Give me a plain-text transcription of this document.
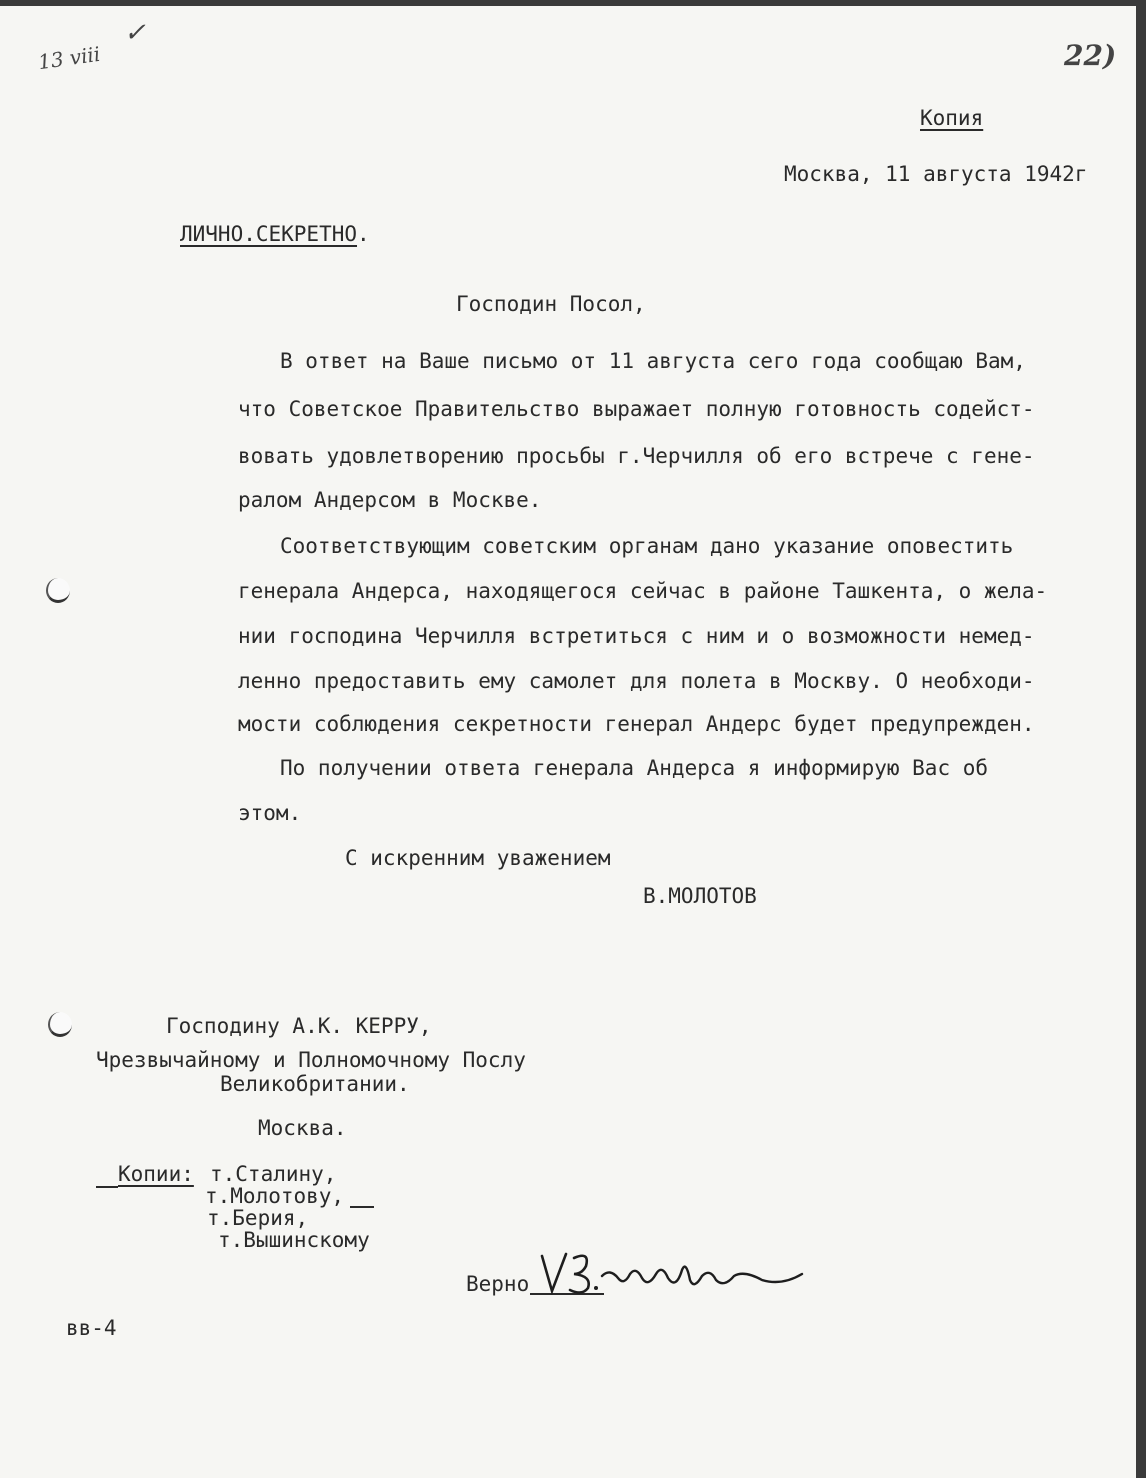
13 viii
✓
22)
Копия
Москва, 11 августа 1942г
ЛИЧНО.СЕКРЕТНО.
Господин Посол,
В ответ на Ваше письмо от 11 августа сего года сообщаю Вам,
что Советское Правительство выражает полную готовность содейст-
вовать удовлетворению просьбы г.Черчилля об его встрече с гене-
ралом Андерсом в Москве.
Соответствующим советским органам дано указание оповестить
генерала Андерса, находящегося сейчас в районе Ташкента, о жела-
нии господина Черчилля встретиться с ним и о возможности немед-
ленно предоставить ему самолет для полета в Москву. О необходи-
мости соблюдения секретности генерал Андерс будет предупрежден.
По получении ответа генерала Андерса я информирую Вас об
этом.
С искренним уважением
В.МОЛОТОВ
Господину А.К. КЕРРУ,
Чрезвычайному и Полномочному Послу
Великобритании.
Москва.
Копии: т.Сталину,
т.Молотову,
т.Берия,
т.Вышинскому
Верно
вв-4
